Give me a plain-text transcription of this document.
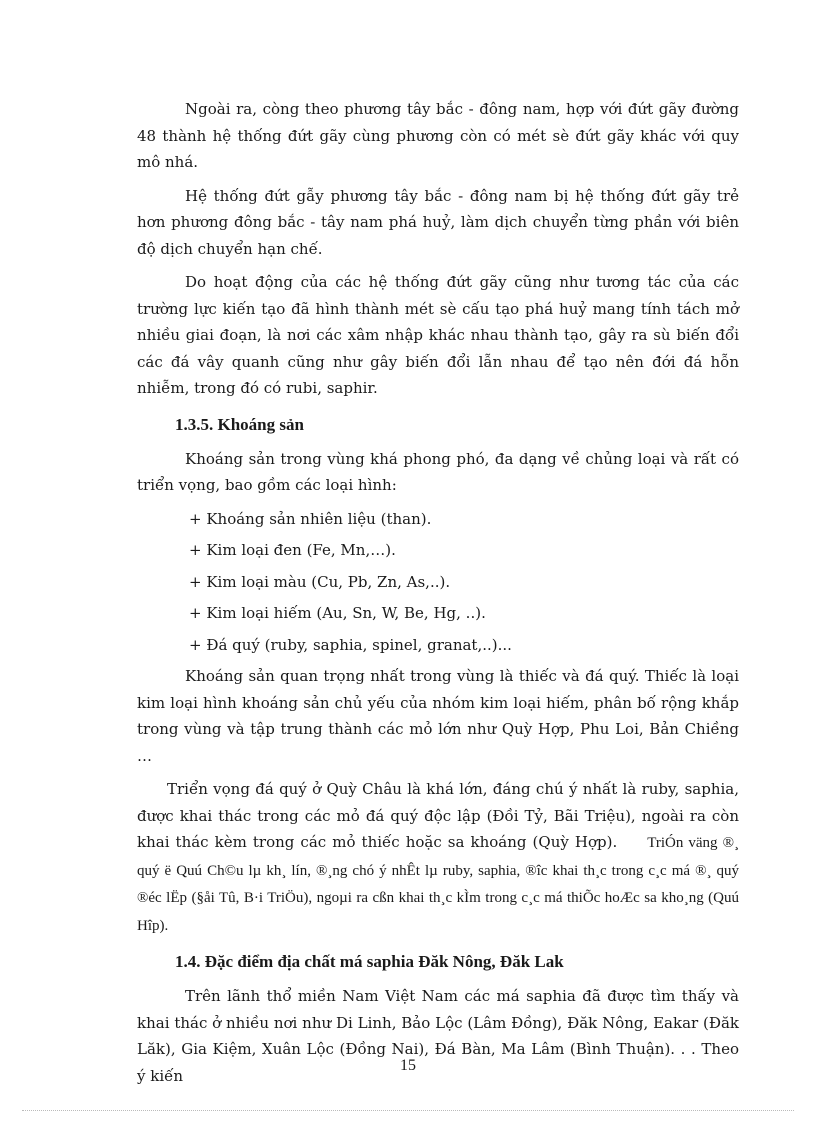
Ngoài ra, còng theo phương tây bắc - đông nam, hợp với đứt gãy đường 48 thành hệ thống đứt gãy cùng phương còn có mét sè đứt gãy khác với quy mô nhá.

Hệ thống đứt gẫy phương tây bắc - đông nam bị hệ thống đứt gãy trẻ hơn phương đông bắc - tây nam phá huỷ, làm dịch chuyển từng phần với biên độ dịch chuyển hạn chế.

Do hoạt động của các hệ thống đứt gãy cũng như tương tác của các trường lực kiến tạo đã hình thành mét sè cấu tạo phá huỷ mang tính tách mở nhiều giai đoạn, là nơi các xâm nhập khác nhau thành tạo, gây ra sù biến đổi các đá vây quanh cũng như gây biến đổi lẫn nhau để tạo nên đới đá hỗn nhiễm, trong đó có rubi, saphir.

1.3.5. Khoáng sản

Khoáng sản trong vùng khá phong phó, đa dạng về chủng loại và rất có triển vọng, bao gồm các loại hình:

+ Khoáng sản nhiên liệu (than).
+ Kim loại đen (Fe, Mn,…).
+ Kim loại màu (Cu, Pb, Zn, As,..).
+ Kim loại hiếm (Au, Sn, W, Be, Hg, ..).
+ Đá quý (ruby, saphia, spinel, granat,..)...

Khoáng sản quan trọng nhất trong vùng là thiếc và đá quý. Thiếc là loại kim loại hình khoáng sản chủ yếu của nhóm kim loại hiếm, phân bố rộng khắp trong vùng và tập trung thành các mỏ lớn như Quỳ Hợp, Phu Loi, Bản Chiềng …

Triển vọng đá quý ở Quỳ Châu là khá lớn, đáng chú ý nhất là ruby, saphia, được khai thác trong các mỏ đá quý độc lập (Đồi Tỷ, Bãi Triệu), ngoài ra còn khai thác kèm trong các mỏ thiếc hoặc sa khoáng (Quỳ Hợp).   TriÓn väng ®¸ quý ë Quú Ch©u lµ kh¸ lín, ®¸ng chó ý nhÊt lµ ruby, saphia, ®îc khai th¸c trong c¸c má ®¸ quý ®éc lËp (§åi Tû, B·i TriÖu), ngoµi ra cßn khai th¸c kÌm trong c¸c má thiÕc hoÆc sa kho¸ng (Quú Hîp).

1.4. Đặc điểm địa chất má saphia Đăk Nông, Đăk Lak

Trên lãnh thổ miền Nam Việt Nam các má saphia đã được tìm thấy và khai thác ở nhiều nơi như Di Linh, Bảo Lộc (Lâm Đồng), Đăk Nông, Eakar (Đăk Lăk), Gia Kiệm, Xuân Lộc (Đồng Nai), Đá Bàn, Ma Lâm (Bình Thuận). . . Theo ý kiến

15
